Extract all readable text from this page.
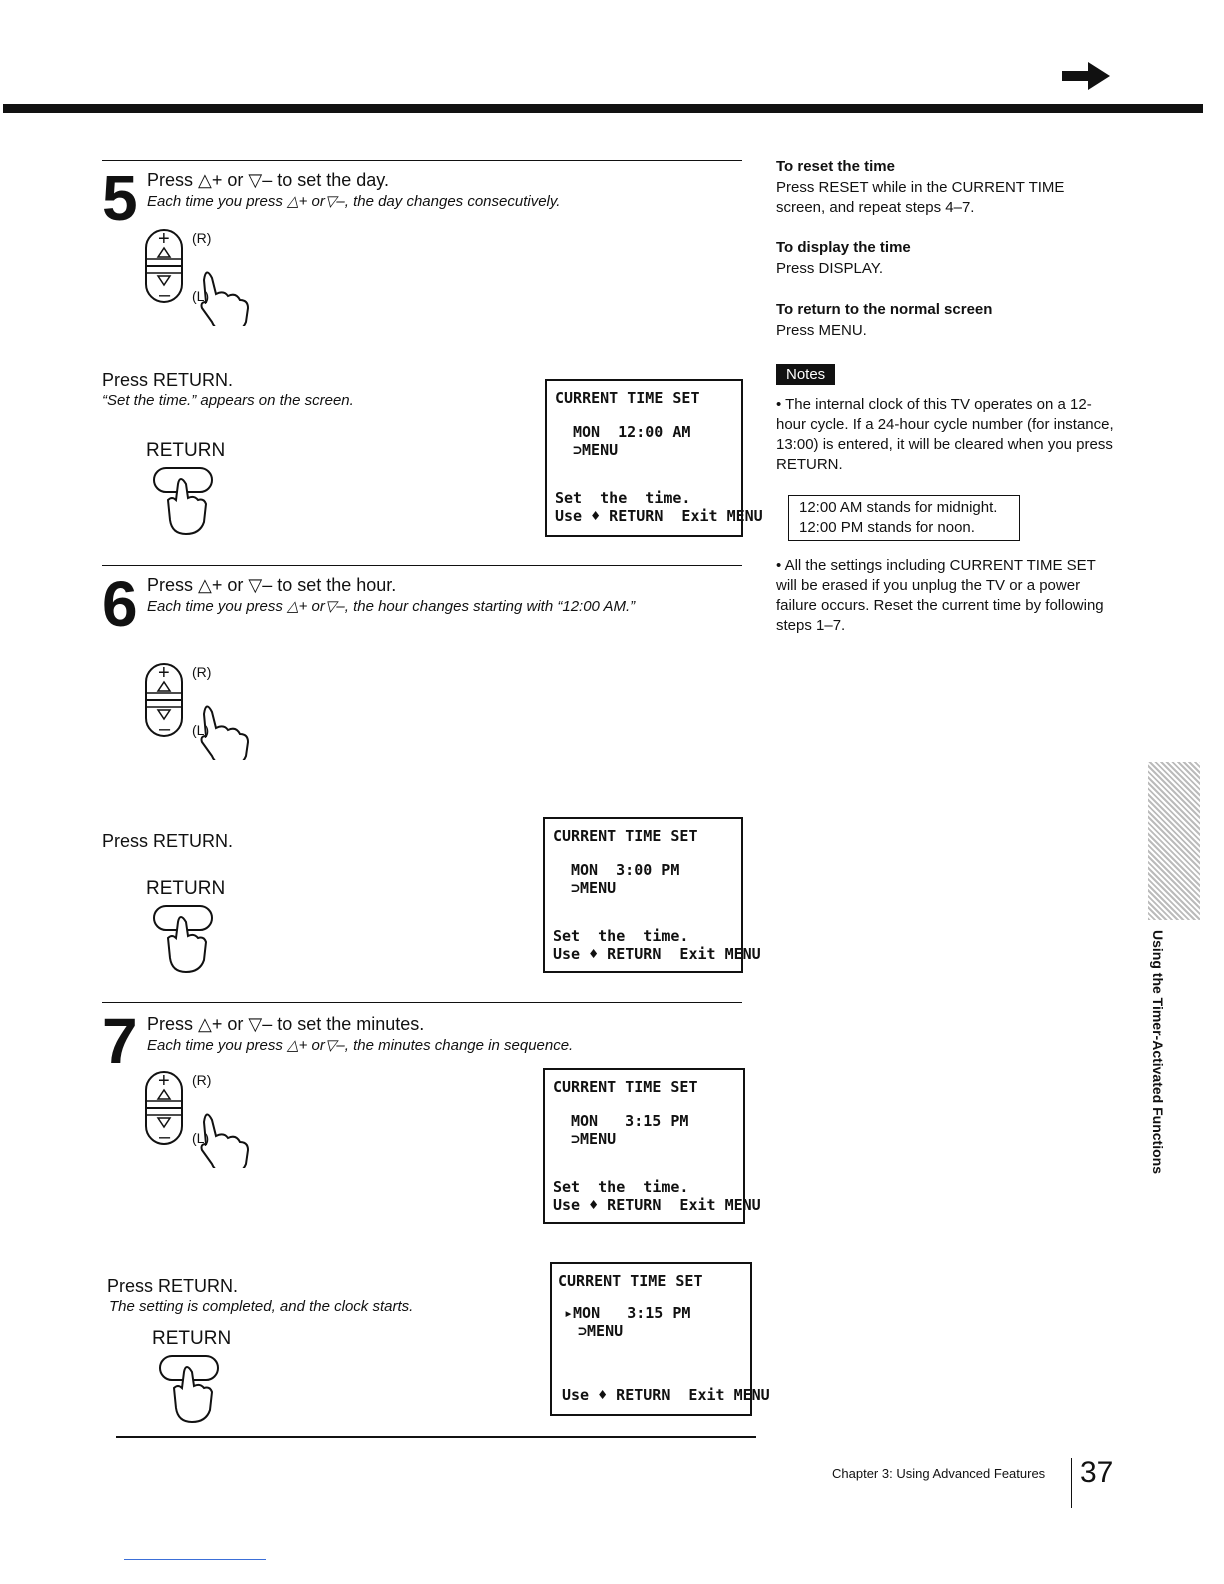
5 Press △+ or ▽– to set the day.
Each time you press △+ or▽–, the day changes consecutively.
+
–
(R)
(L)
Press RETURN.
“Set the time.” appears on the screen.
RETURN
CURRENT TIME SET
MON  12:00 AM
⊃MENU
Set  the  time.
Use ♦ RETURN  Exit MENU
6 Press △+ or ▽– to set the hour.
Each time you press △+ or▽–, the hour changes starting with “12:00 AM.”
+
–
(R)
(L)
Press RETURN.
RETURN
CURRENT TIME SET
MON  3:00 PM
⊃MENU
Set  the  time.
Use ♦ RETURN  Exit MENU
7 Press △+ or ▽– to set the minutes.
Each time you press △+ or▽–, the minutes change in sequence.
+
–
(R)
(L)
CURRENT TIME SET
MON   3:15 PM
⊃MENU
Set  the  time.
Use ♦ RETURN  Exit MENU
Press RETURN.
The setting is completed, and the clock starts.
RETURN
CURRENT TIME SET
▸MON   3:15 PM
⊃MENU
Use ♦ RETURN  Exit MENU
To reset the time
Press RESET while in the CURRENT TIME screen, and repeat steps 4–7.
To display the time
Press DISPLAY.
To return to the normal screen
Press MENU.
Notes
• The internal clock of this TV operates on a 12-hour cycle. If a 24-hour cycle number (for instance, 13:00) is entered, it will be cleared when you press RETURN.
12:00 AM stands for midnight.
12:00 PM stands for noon.
• All the settings including CURRENT TIME SET will be erased if you unplug the TV or a power failure occurs. Reset the current time by following steps 1–7.
Using the Timer-Activated Functions
Chapter 3: Using Advanced Features 37
